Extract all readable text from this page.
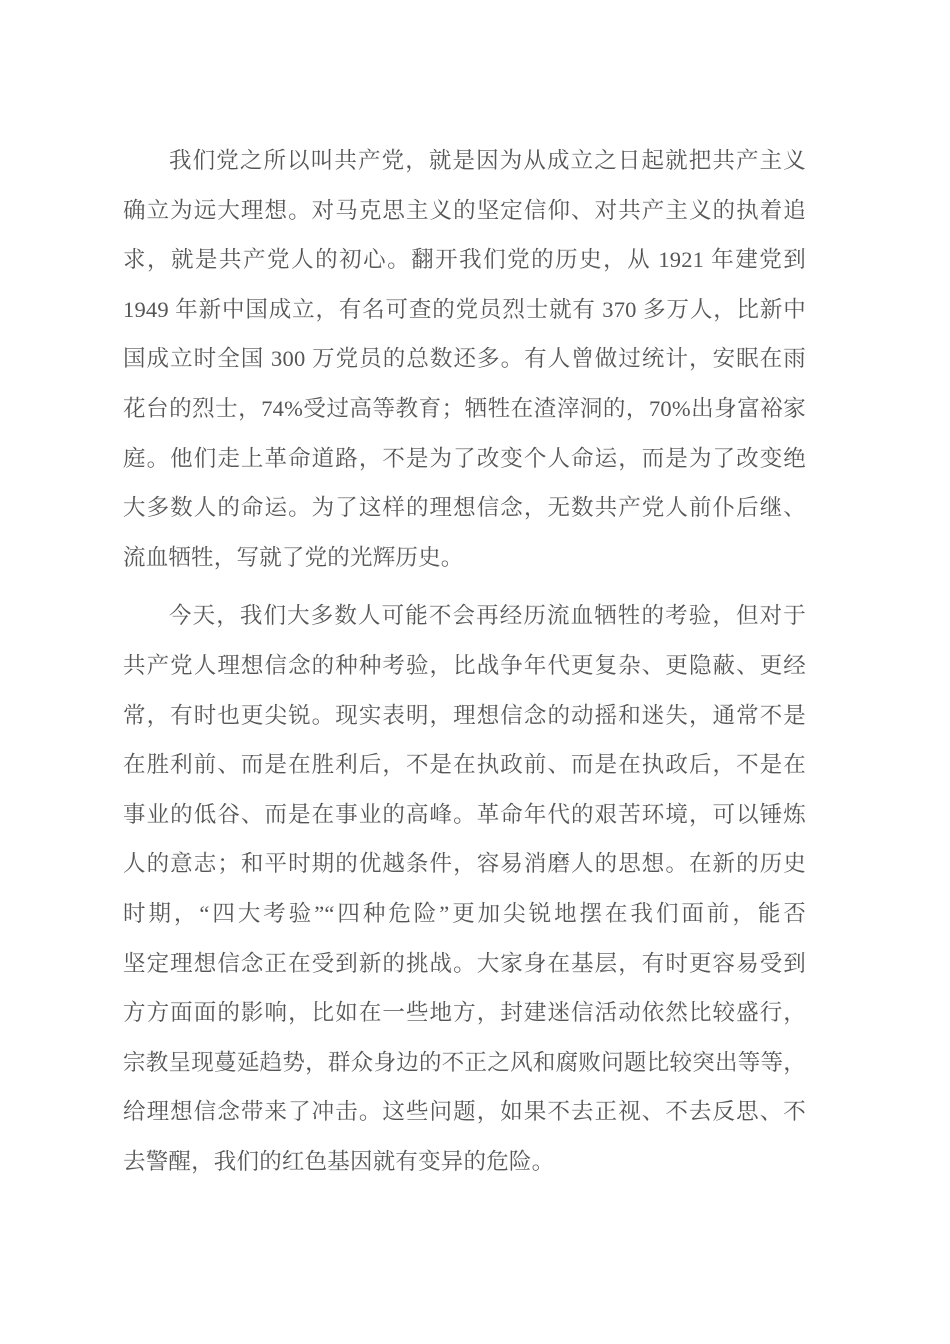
我们党之所以叫共产党，就是因为从成立之日起就把共产主义
确立为远大理想。对马克思主义的坚定信仰、对共产主义的执着追
求，就是共产党人的初心。翻开我们党的历史，从 1921 年建党到
1949 年新中国成立，有名可查的党员烈士就有 370 多万人，比新中
国成立时全国 300 万党员的总数还多。有人曾做过统计，安眠在雨
花台的烈士，74%受过高等教育；牺牲在渣滓洞的，70%出身富裕家
庭。他们走上革命道路，不是为了改变个人命运，而是为了改变绝
大多数人的命运。为了这样的理想信念，无数共产党人前仆后继、
流血牺牲，写就了党的光辉历史。
今天，我们大多数人可能不会再经历流血牺牲的考验，但对于
共产党人理想信念的种种考验，比战争年代更复杂、更隐蔽、更经
常，有时也更尖锐。现实表明，理想信念的动摇和迷失，通常不是
在胜利前、而是在胜利后，不是在执政前、而是在执政后，不是在
事业的低谷、而是在事业的高峰。革命年代的艰苦环境，可以锤炼
人的意志；和平时期的优越条件，容易消磨人的思想。在新的历史
时期，“四大考验”“四种危险”更加尖锐地摆在我们面前，能否
坚定理想信念正在受到新的挑战。大家身在基层，有时更容易受到
方方面面的影响，比如在一些地方，封建迷信活动依然比较盛行，
宗教呈现蔓延趋势，群众身边的不正之风和腐败问题比较突出等等，
给理想信念带来了冲击。这些问题，如果不去正视、不去反思、不
去警醒，我们的红色基因就有变异的危险。
